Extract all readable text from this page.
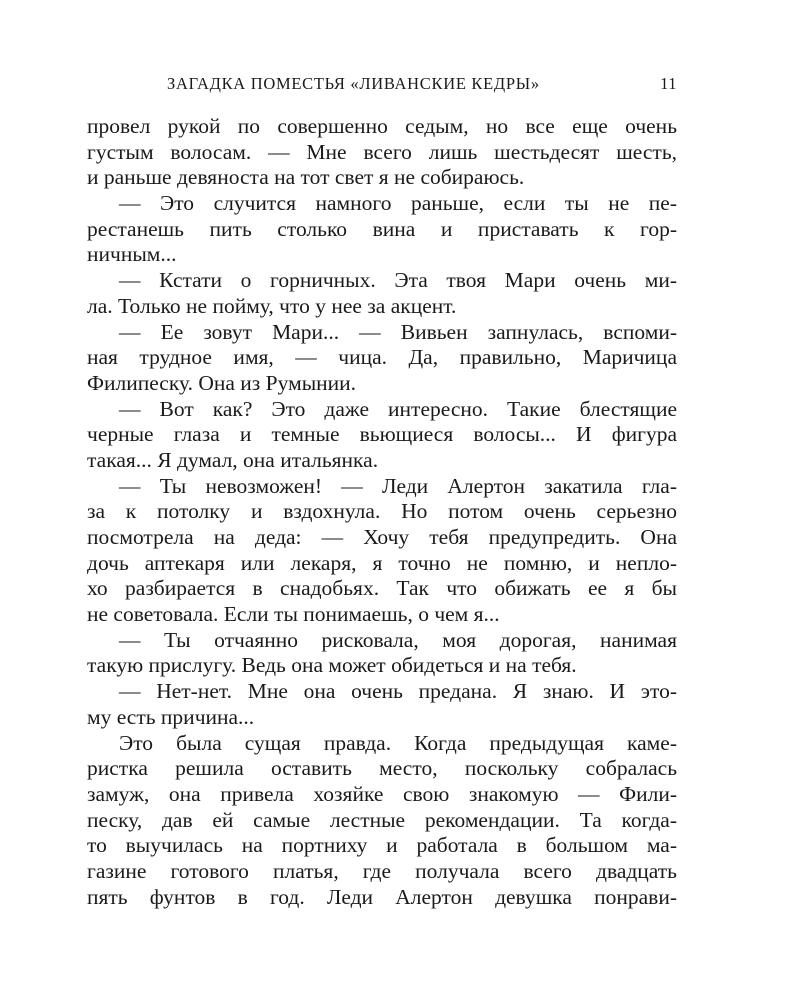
ЗАГАДКА ПОМЕСТЬЯ «ЛИВАНСКИЕ КЕДРЫ»	11
провел рукой по совершенно седым, но все еще очень
густым волосам. — Мне всего лишь шестьдесят шесть,
и раньше девяноста на тот свет я не собираюсь.
— Это случится намного раньше, если ты не пе-
рестанешь пить столько вина и приставать к гор-
ничным...
— Кстати о горничных. Эта твоя Мари очень ми-
ла. Только не пойму, что у нее за акцент.
— Ее зовут Мари... — Вивьен запнулась, вспоми-
ная трудное имя, — чица. Да, правильно, Маричица
Филипеску. Она из Румынии.
— Вот как? Это даже интересно. Такие блестящие
черные глаза и темные вьющиеся волосы... И фигура
такая... Я думал, она итальянка.
— Ты невозможен! — Леди Алертон закатила гла-
за к потолку и вздохнула. Но потом очень серьезно
посмотрела на деда: — Хочу тебя предупредить. Она
дочь аптекаря или лекаря, я точно не помню, и непло-
хо разбирается в снадобьях. Так что обижать ее я бы
не советовала. Если ты понимаешь, о чем я...
— Ты отчаянно рисковала, моя дорогая, нанимая
такую прислугу. Ведь она может обидеться и на тебя.
— Нет-нет. Мне она очень предана. Я знаю. И это-
му есть причина...
Это была сущая правда. Когда предыдущая каме-
ристка решила оставить место, поскольку собралась
замуж, она привела хозяйке свою знакомую — Фили-
песку, дав ей самые лестные рекомендации. Та когда-
то выучилась на портниху и работала в большом ма-
газине готового платья, где получала всего двадцать
пять фунтов в год. Леди Алертон девушка понрави-
